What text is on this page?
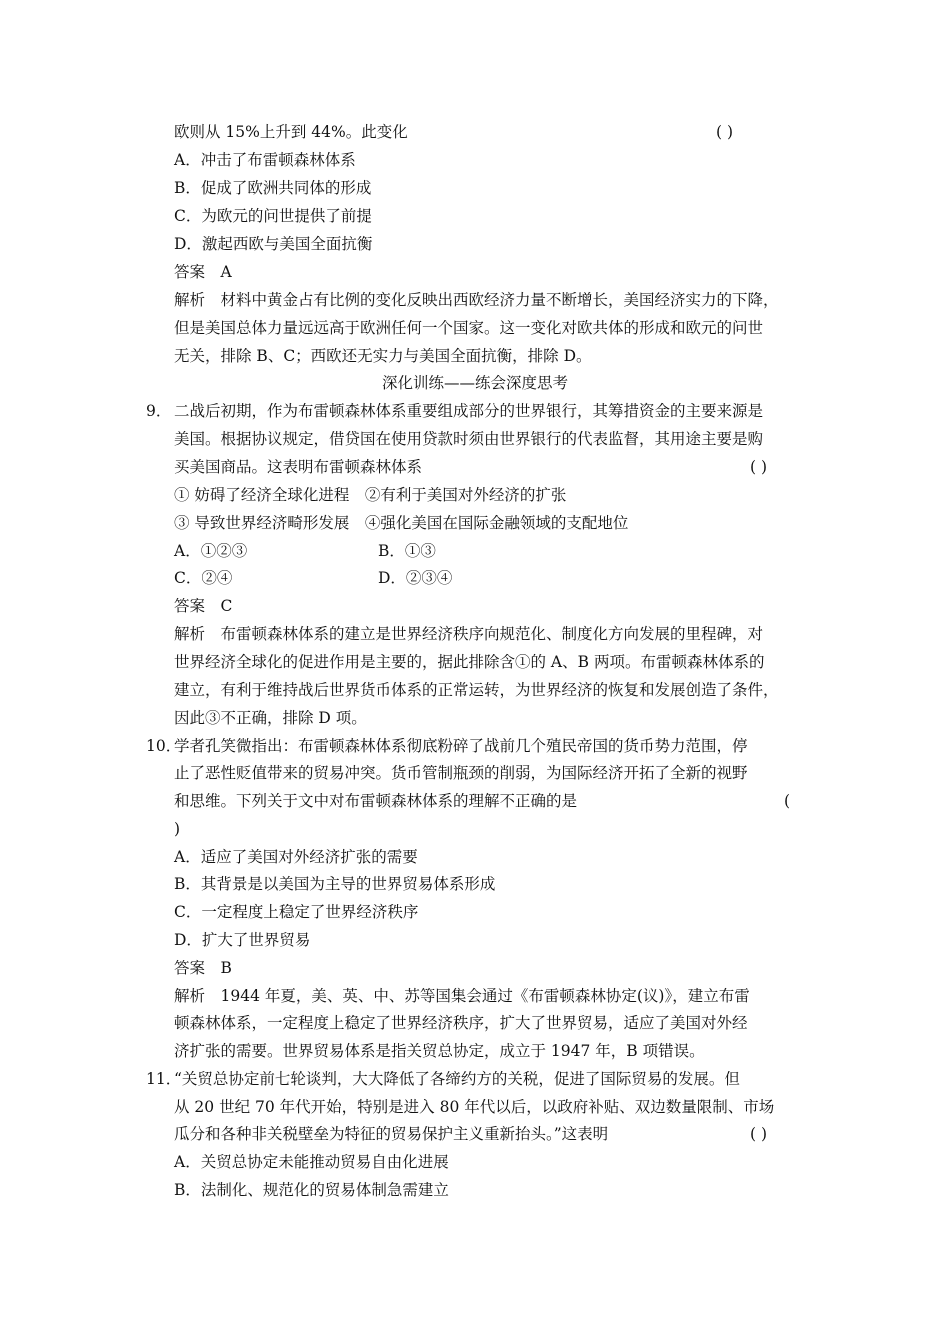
欧则从 15%上升到 44%。此变化	( )
A．冲击了布雷顿森林体系
B．促成了欧洲共同体的形成
C．为欧元的问世提供了前提
D．激起西欧与美国全面抗衡
答案　A
解析　材料中黄金占有比例的变化反映出西欧经济力量不断增长，美国经济实力的下降，
但是美国总体力量远远高于欧洲任何一个国家。这一变化对欧共体的形成和欧元的问世
无关，排除 B、C；西欧还无实力与美国全面抗衡，排除 D。
深化训练——练会深度思考
9． 二战后初期，作为布雷顿森林体系重要组成部分的世界银行，其筹措资金的主要来源是
美国。根据协议规定，借贷国在使用贷款时须由世界银行的代表监督，其用途主要是购
买美国商品。这表明布雷顿森林体系	( )
① 妨碍了经济全球化进程　②有利于美国对外经济的扩张
③ 导致世界经济畸形发展　④强化美国在国际金融领域的支配地位
A．①②③	B．①③
C．②④	D．②③④
答案　C
解析　布雷顿森林体系的建立是世界经济秩序向规范化、制度化方向发展的里程碑，对
世界经济全球化的促进作用是主要的，据此排除含①的 A、B 两项。布雷顿森林体系的
建立，有利于维持战后世界货币体系的正常运转，为世界经济的恢复和发展创造了条件，
因此③不正确，排除 D 项。
10．
学者孔笑微指出：布雷顿森林体系彻底粉碎了战前几个殖民帝国的货币势力范围，停
止了恶性贬值带来的贸易冲突。货币管制瓶颈的削弱，为国际经济开拓了全新的视野
和思维。下列关于文中对布雷顿森林体系的理解不正确的是	(
)
A．适应了美国对外经济扩张的需要
B．其背景是以美国为主导的世界贸易体系形成
C．一定程度上稳定了世界经济秩序
D．扩大了世界贸易
答案　B
解析　1944 年夏，美、英、中、苏等国集会通过《布雷顿森林协定(议)》，建立布雷
顿森林体系，一定程度上稳定了世界经济秩序，扩大了世界贸易，适应了美国对外经
济扩张的需要。世界贸易体系是指关贸总协定，成立于 1947 年，B 项错误。
11．
“关贸总协定前七轮谈判，大大降低了各缔约方的关税，促进了国际贸易的发展。但
从 20 世纪 70 年代开始，特别是进入 80 年代以后，以政府补贴、双边数量限制、市场
瓜分和各种非关税壁垒为特征的贸易保护主义重新抬头。”这表明	( )
A．关贸总协定未能推动贸易自由化进展
B．法制化、规范化的贸易体制急需建立
